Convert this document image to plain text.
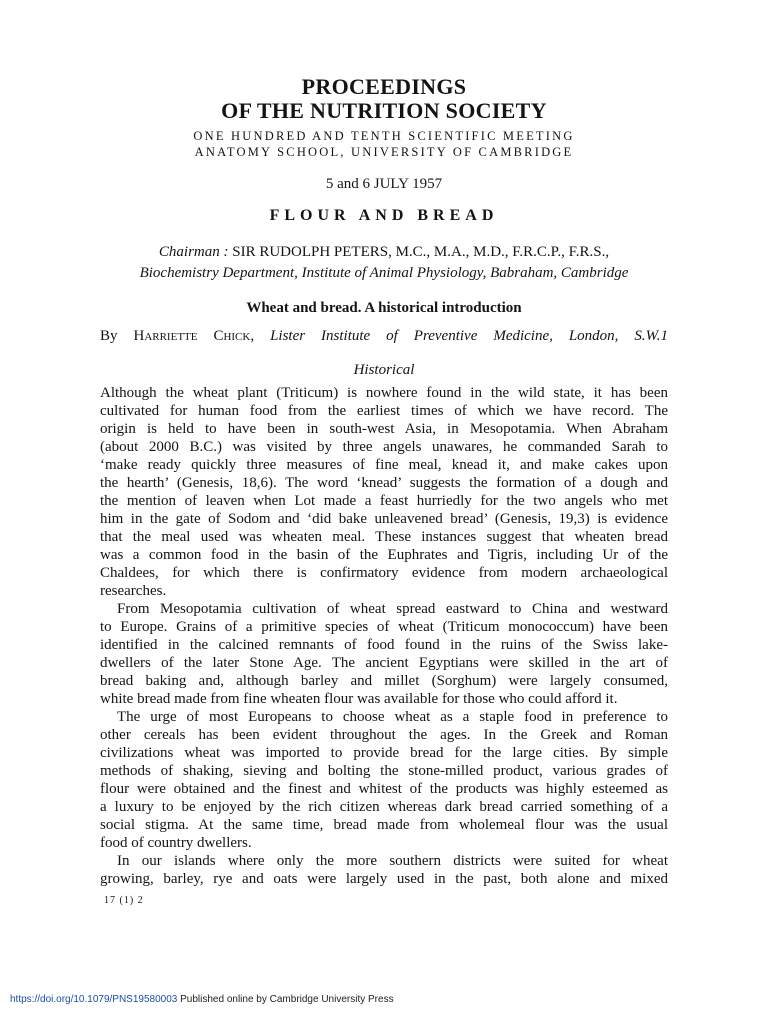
PROCEEDINGS
OF THE NUTRITION SOCIETY
ONE HUNDRED AND TENTH SCIENTIFIC MEETING
ANATOMY SCHOOL, UNIVERSITY OF CAMBRIDGE
5 and 6 JULY 1957
FLOUR AND BREAD
Chairman : SIR RUDOLPH PETERS, M.C., M.A., M.D., F.R.C.P., F.R.S.,
Biochemistry Department, Institute of Animal Physiology, Babraham, Cambridge
Wheat and bread. A historical introduction
By Harriette Chick, Lister Institute of Preventive Medicine, London, S.W.1
Historical
Although the wheat plant (Triticum) is nowhere found in the wild state, it has been
cultivated for human food from the earliest times of which we have record. The
origin is held to have been in south-west Asia, in Mesopotamia. When Abraham
(about 2000 B.C.) was visited by three angels unawares, he commanded Sarah to
‘make ready quickly three measures of fine meal, knead it, and make cakes upon
the hearth’ (Genesis, 18,6). The word ‘knead’ suggests the formation of a dough and
the mention of leaven when Lot made a feast hurriedly for the two angels who met
him in the gate of Sodom and ‘did bake unleavened bread’ (Genesis, 19,3) is evidence
that the meal used was wheaten meal. These instances suggest that wheaten bread
was a common food in the basin of the Euphrates and Tigris, including Ur of the
Chaldees, for which there is confirmatory evidence from modern archaeological
researches.
From Mesopotamia cultivation of wheat spread eastward to China and westward
to Europe. Grains of a primitive species of wheat (Triticum monococcum) have been
identified in the calcined remnants of food found in the ruins of the Swiss lake-
dwellers of the later Stone Age. The ancient Egyptians were skilled in the art of
bread baking and, although barley and millet (Sorghum) were largely consumed,
white bread made from fine wheaten flour was available for those who could afford it.
The urge of most Europeans to choose wheat as a staple food in preference to
other cereals has been evident throughout the ages. In the Greek and Roman
civilizations wheat was imported to provide bread for the large cities. By simple
methods of shaking, sieving and bolting the stone-milled product, various grades of
flour were obtained and the finest and whitest of the products was highly esteemed as
a luxury to be enjoyed by the rich citizen whereas dark bread carried something of a
social stigma. At the same time, bread made from wholemeal flour was the usual
food of country dwellers.
In our islands where only the more southern districts were suited for wheat
growing, barley, rye and oats were largely used in the past, both alone and mixed
17 (1) 2
https://doi.org/10.1079/PNS19580003 Published online by Cambridge University Press
